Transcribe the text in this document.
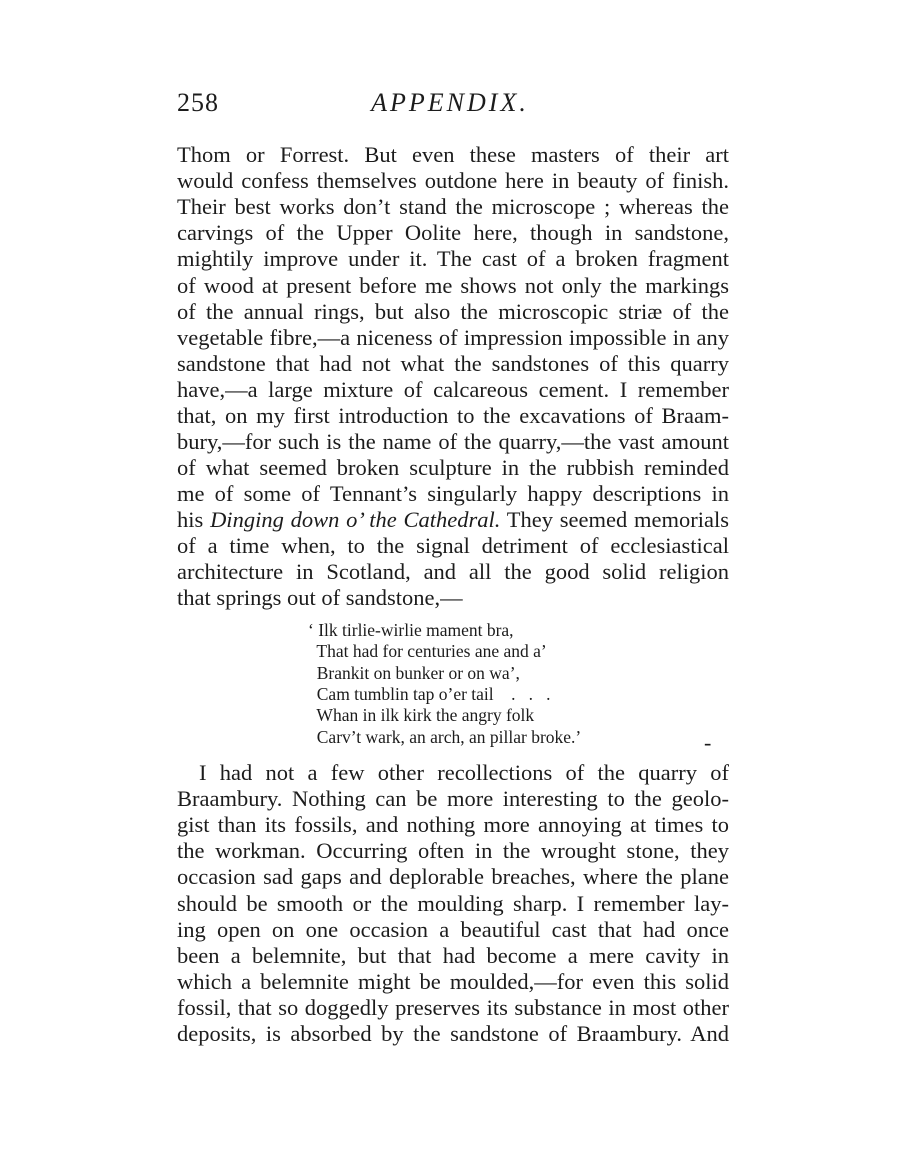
258	APPENDIX.
Thom or Forrest. But even these masters of their art
would confess themselves outdone here in beauty of finish.
Their best works don’t stand the microscope ; whereas the
carvings of the Upper Oolite here, though in sandstone,
mightily improve under it. The cast of a broken fragment
of wood at present before me shows not only the markings
of the annual rings, but also the microscopic striæ of the
vegetable fibre,—a niceness of impression impossible in any
sandstone that had not what the sandstones of this quarry
have,—a large mixture of calcareous cement. I remember
that, on my first introduction to the excavations of Braam-
bury,—for such is the name of the quarry,—the vast amount
of what seemed broken sculpture in the rubbish reminded
me of some of Tennant’s singularly happy descriptions in
his Dinging down o’ the Cathedral. They seemed memorials
of a time when, to the signal detriment of ecclesiastical
architecture in Scotland, and all the good solid religion
that springs out of sandstone,—
‘ Ilk tirlie-wirlie mament bra,
That had for centuries ane and a’
Brankit on bunker or on wa’,
Cam tumblin tap o’er tail    .   .   .
Whan in ilk kirk the angry folk
Carv’t wark, an arch, an pillar broke.’	-
I had not a few other recollections of the quarry of
Braambury. Nothing can be more interesting to the geolo-
gist than its fossils, and nothing more annoying at times to
the workman. Occurring often in the wrought stone, they
occasion sad gaps and deplorable breaches, where the plane
should be smooth or the moulding sharp. I remember lay-
ing open on one occasion a beautiful cast that had once
been a belemnite, but that had become a mere cavity in
which a belemnite might be moulded,—for even this solid
fossil, that so doggedly preserves its substance in most other
deposits, is absorbed by the sandstone of Braambury. And
